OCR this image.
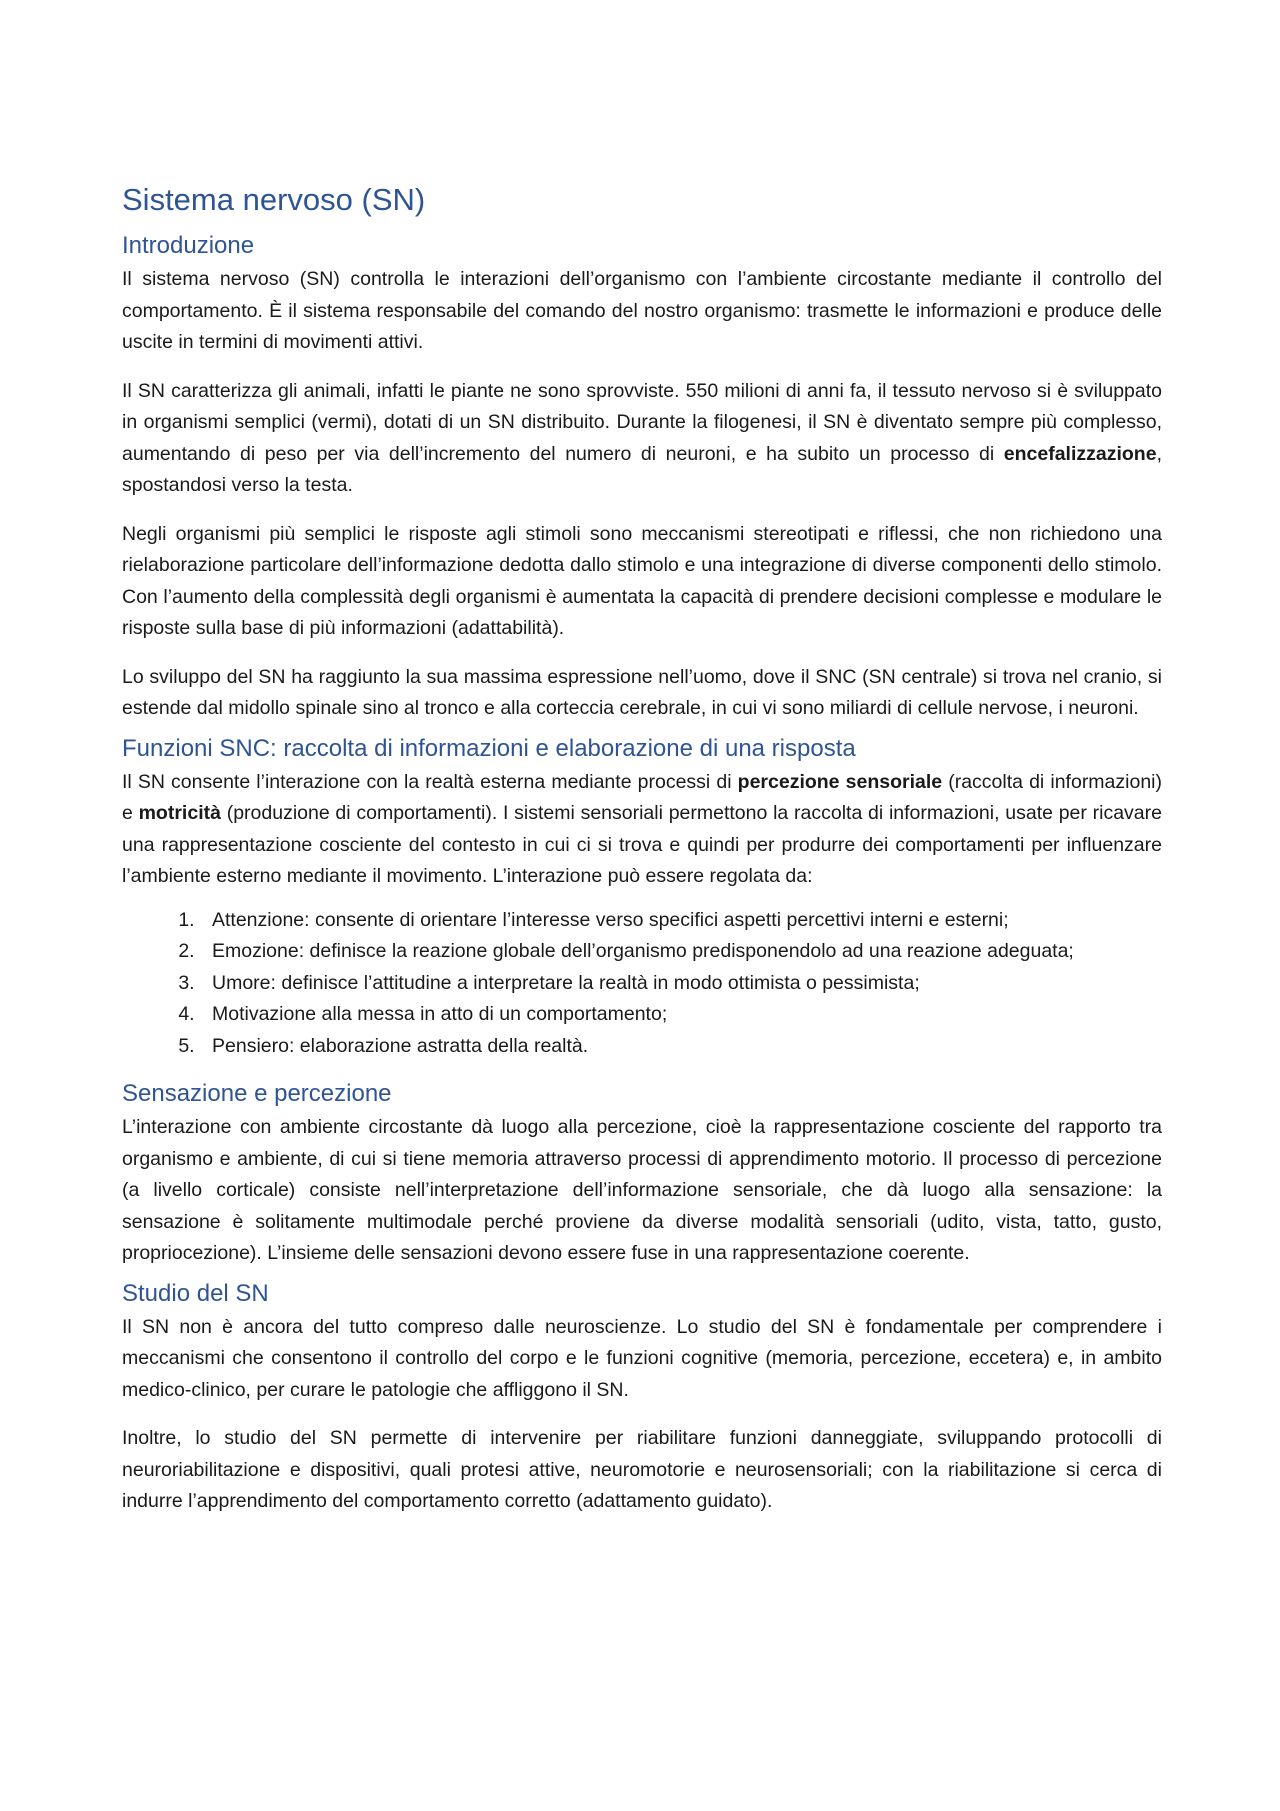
Sistema nervoso (SN)
Introduzione

Il sistema nervoso (SN) controlla le interazioni dell’organismo con l’ambiente circostante mediante il controllo del comportamento. È il sistema responsabile del comando del nostro organismo: trasmette le informazioni e produce delle uscite in termini di movimenti attivi.

Il SN caratterizza gli animali, infatti le piante ne sono sprovviste. 550 milioni di anni fa, il tessuto nervoso si è sviluppato in organismi semplici (vermi), dotati di un SN distribuito. Durante la filogenesi, il SN è diventato sempre più complesso, aumentando di peso per via dell’incremento del numero di neuroni, e ha subito un processo di encefalizzazione, spostandosi verso la testa.

Negli organismi più semplici le risposte agli stimoli sono meccanismi stereotipati e riflessi, che non richiedono una rielaborazione particolare dell’informazione dedotta dallo stimolo e una integrazione di diverse componenti dello stimolo. Con l’aumento della complessità degli organismi è aumentata la capacità di prendere decisioni complesse e modulare le risposte sulla base di più informazioni (adattabilità).

Lo sviluppo del SN ha raggiunto la sua massima espressione nell’uomo, dove il SNC (SN centrale) si trova nel cranio, si estende dal midollo spinale sino al tronco e alla corteccia cerebrale, in cui vi sono miliardi di cellule nervose, i neuroni.

Funzioni SNC: raccolta di informazioni e elaborazione di una risposta

Il SN consente l’interazione con la realtà esterna mediante processi di percezione sensoriale (raccolta di informazioni) e motricità (produzione di comportamenti). I sistemi sensoriali permettono la raccolta di informazioni, usate per ricavare una rappresentazione cosciente del contesto in cui ci si trova e quindi per produrre dei comportamenti per influenzare l’ambiente esterno mediante il movimento. L’interazione può essere regolata da:

1. Attenzione: consente di orientare l’interesse verso specifici aspetti percettivi interni e esterni;
2. Emozione: definisce la reazione globale dell’organismo predisponendolo ad una reazione adeguata;
3. Umore: definisce l’attitudine a interpretare la realtà in modo ottimista o pessimista;
4. Motivazione alla messa in atto di un comportamento;
5. Pensiero: elaborazione astratta della realtà.
Sensazione e percezione

L’interazione con ambiente circostante dà luogo alla percezione, cioè la rappresentazione cosciente del rapporto tra organismo e ambiente, di cui si tiene memoria attraverso processi di apprendimento motorio. Il processo di percezione (a livello corticale) consiste nell’interpretazione dell’informazione sensoriale, che dà luogo alla sensazione: la sensazione è solitamente multimodale perché proviene da diverse modalità sensoriali (udito, vista, tatto, gusto, propriocezione). L’insieme delle sensazioni devono essere fuse in una rappresentazione coerente.

Studio del SN

Il SN non è ancora del tutto compreso dalle neuroscienze. Lo studio del SN è fondamentale per comprendere i meccanismi che consentono il controllo del corpo e le funzioni cognitive (memoria, percezione, eccetera) e, in ambito medico-clinico, per curare le patologie che affliggono il SN.

Inoltre, lo studio del SN permette di intervenire per riabilitare funzioni danneggiate, sviluppando protocolli di neuroriabilitazione e dispositivi, quali protesi attive, neuromotorie e neurosensoriali; con la riabilitazione si cerca di indurre l’apprendimento del comportamento corretto (adattamento guidato).
